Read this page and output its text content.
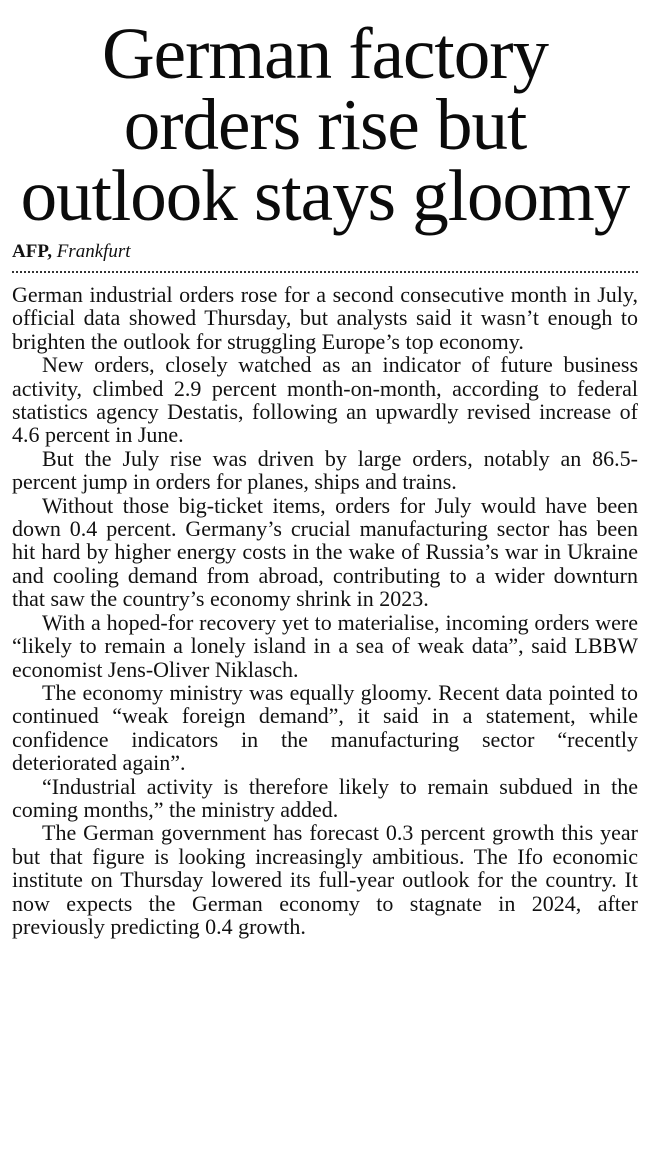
German factory
orders rise but
outlook stays gloomy
AFP, Frankfurt

German industrial orders rose for a second consecutive month in July, official data showed Thursday, but analysts said it wasn’t enough to brighten the outlook for struggling Europe’s top economy.

New orders, closely watched as an indicator of future business activity, climbed 2.9 percent month-on-month, according to federal statistics agency Destatis, following an upwardly revised increase of 4.6 percent in June.

But the July rise was driven by large orders, notably an 86.5-percent jump in orders for planes, ships and trains.

Without those big-ticket items, orders for July would have been down 0.4 percent. Germany’s crucial manufacturing sector has been hit hard by higher energy costs in the wake of Russia’s war in Ukraine and cooling demand from abroad, contributing to a wider downturn that saw the country’s economy shrink in 2023.

With a hoped-for recovery yet to materialise, incoming orders were “likely to remain a lonely island in a sea of weak data”, said LBBW economist Jens-Oliver Niklasch.

The economy ministry was equally gloomy. Recent data pointed to continued “weak foreign demand”, it said in a statement, while confidence indicators in the manufacturing sector “recently deteriorated again”.

“Industrial activity is therefore likely to remain subdued in the coming months,” the ministry added.

The German government has forecast 0.3 percent growth this year but that figure is looking increasingly ambitious. The Ifo economic institute on Thursday lowered its full-year outlook for the country. It now expects the German economy to stagnate in 2024, after previously predicting 0.4 growth.
